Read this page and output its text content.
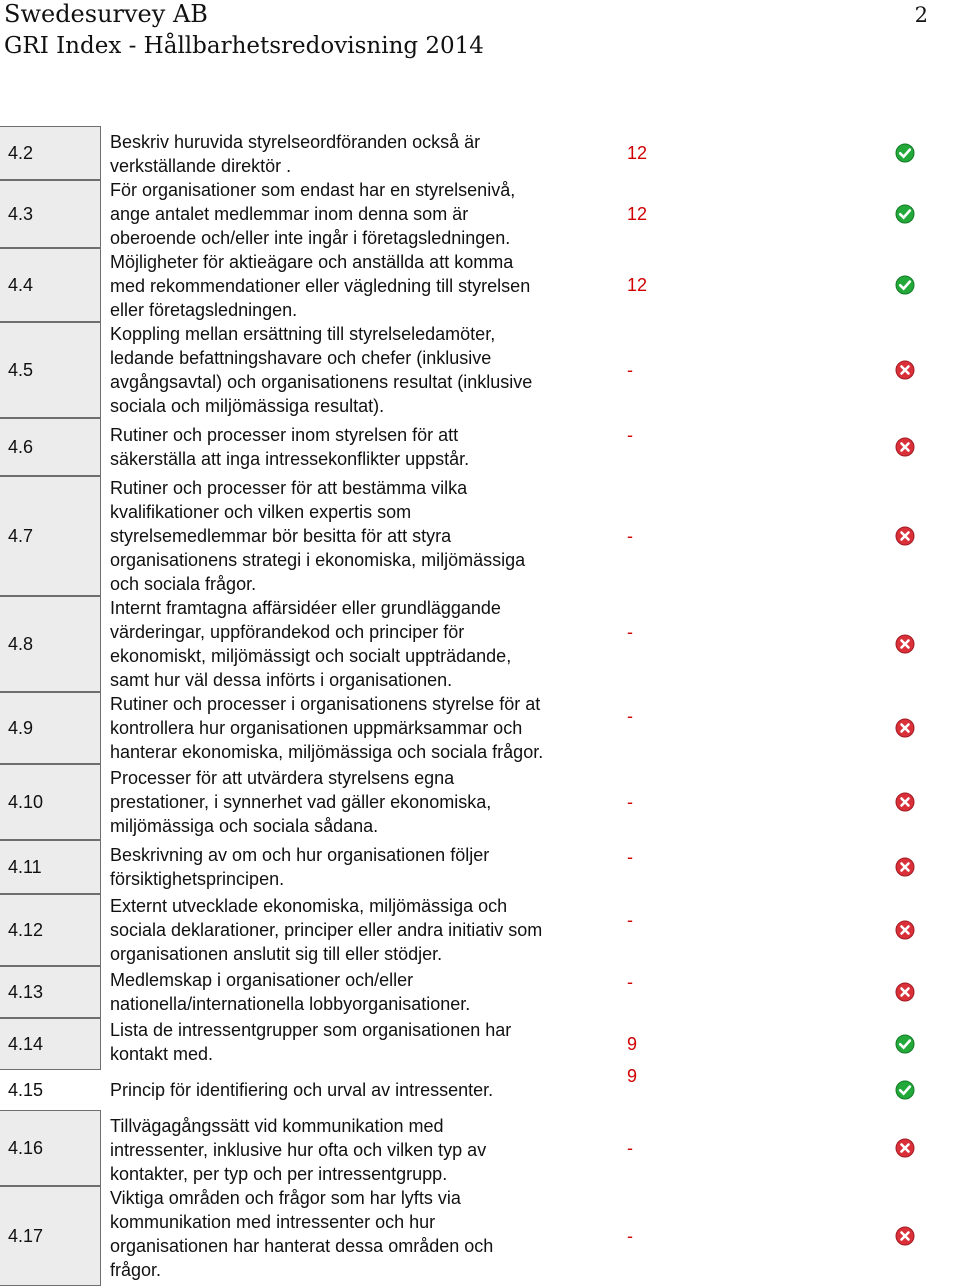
Swedesurvey AB
GRI Index - Hållbarhetsredovisning 2014
2
4.2
Beskriv huruvida styrelseordföranden också är
verkställande direktör .
12
4.3
För organisationer som endast har en styrelsenivå,
ange antalet medlemmar inom denna som är
oberoende och/eller inte ingår i företagsledningen.
12
4.4
Möjligheter för aktieägare och anställda att komma
med rekommendationer eller vägledning till styrelsen
eller företagsledningen.
12
4.5
Koppling mellan ersättning till styrelseledamöter,
ledande befattningshavare och chefer (inklusive
avgångsavtal) och organisationens resultat (inklusive
sociala och miljömässiga resultat).
-
4.6
Rutiner och processer inom styrelsen för att
säkerställa att inga intressekonflikter uppstår.
-
4.7
Rutiner och processer för att bestämma vilka
kvalifikationer och vilken expertis som
styrelsemedlemmar bör besitta för att styra
organisationens strategi i ekonomiska, miljömässiga
och sociala frågor.
-
4.8
Internt framtagna affärsidéer eller grundläggande
värderingar, uppförandekod och principer för
ekonomiskt, miljömässigt och socialt uppträdande,
samt hur väl dessa införts i organisationen.
-
4.9
Rutiner och processer i organisationens styrelse för at
kontrollera hur organisationen uppmärksammar och
hanterar ekonomiska, miljömässiga och sociala frågor.
-
4.10
Processer för att utvärdera styrelsens egna
prestationer, i synnerhet vad gäller ekonomiska,
miljömässiga och sociala sådana.
-
4.11
Beskrivning av om och hur organisationen följer
försiktighetsprincipen.
-
4.12
Externt utvecklade ekonomiska, miljömässiga och
sociala deklarationer, principer eller andra initiativ som
organisationen anslutit sig till eller stödjer.
-
4.13
Medlemskap i organisationer och/eller
nationella/internationella lobbyorganisationer.
-
4.14
Lista de intressentgrupper som organisationen har
kontakt med.	9
4.15	Princip för identifiering och urval av intressenter.
9
4.16
Tillvägagångssätt vid kommunikation med
intressenter, inklusive hur ofta och vilken typ av
kontakter, per typ och per intressentgrupp.
-
4.17
Viktiga områden och frågor som har lyfts via
kommunikation med intressenter och hur
organisationen har hanterat dessa områden och
frågor.
-
